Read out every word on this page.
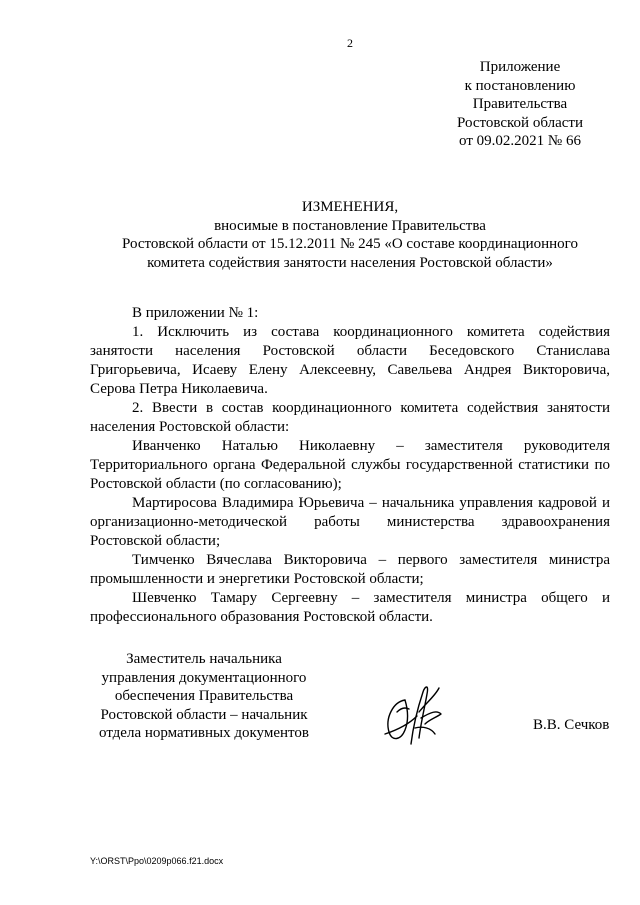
2
Приложение
к постановлению
Правительства
Ростовской области
от 09.02.2021 № 66
ИЗМЕНЕНИЯ,
вносимые в постановление Правительства
Ростовской области от 15.12.2011 № 245 «О составе координационного
комитета содействия занятости населения Ростовской области»

В приложении № 1:

1. Исключить из состава координационного комитета содействия занятости населения Ростовской области Беседовского Станислава Григорьевича, Исаеву Елену Алексеевну, Савельева Андрея Викторовича, Серова Петра Николаевича.

2. Ввести в состав координационного комитета содействия занятости населения Ростовской области:

Иванченко Наталью Николаевну – заместителя руководителя Территориального органа Федеральной службы государственной статистики по Ростовской области (по согласованию);

Мартиросова Владимира Юрьевича – начальника управления кадровой и организационно-методической работы министерства здравоохранения Ростовской области;

Тимченко Вячеслава Викторовича – первого заместителя министра промышленности и энергетики Ростовской области;

Шевченко Тамару Сергеевну – заместителя министра общего и профессионального образования Ростовской области.

Заместитель начальника
управления документационного
обеспечения Правительства
Ростовской области – начальник
отдела нормативных документов	В.В. Сечков
Y:\ORST\Ppo\0209p066.f21.docx
